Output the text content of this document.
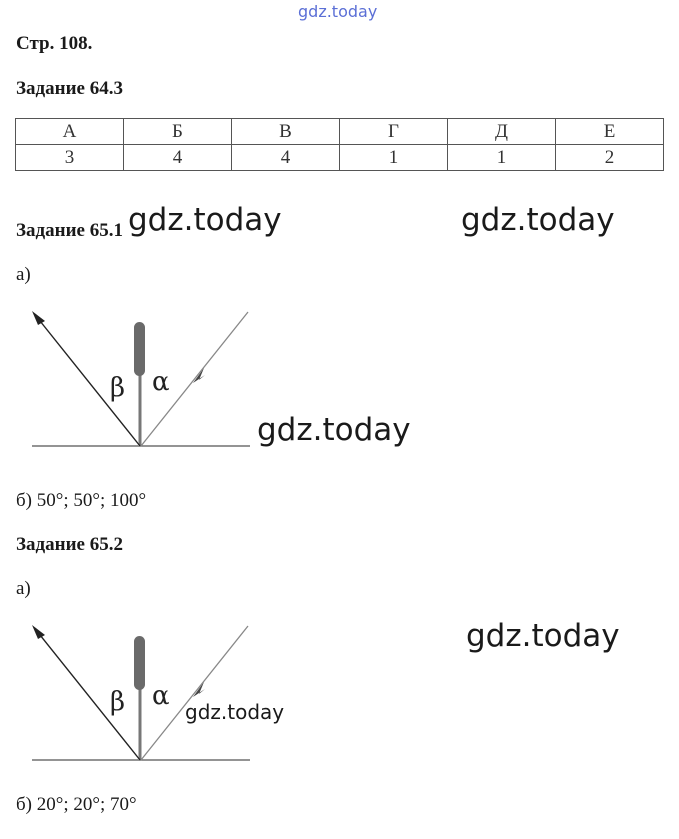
gdz.today
Стр. 108.
Задание 64.3
А	Б	В	Г	Д	Е
3	4	4	1	1	2
Задание 65.1 gdz.today	gdz.today
а)
β α
gdz.today
б) 50°; 50°; 100°
Задание 65.2
а)
β α
gdz.today
gdz.today
б) 20°; 20°; 70°
